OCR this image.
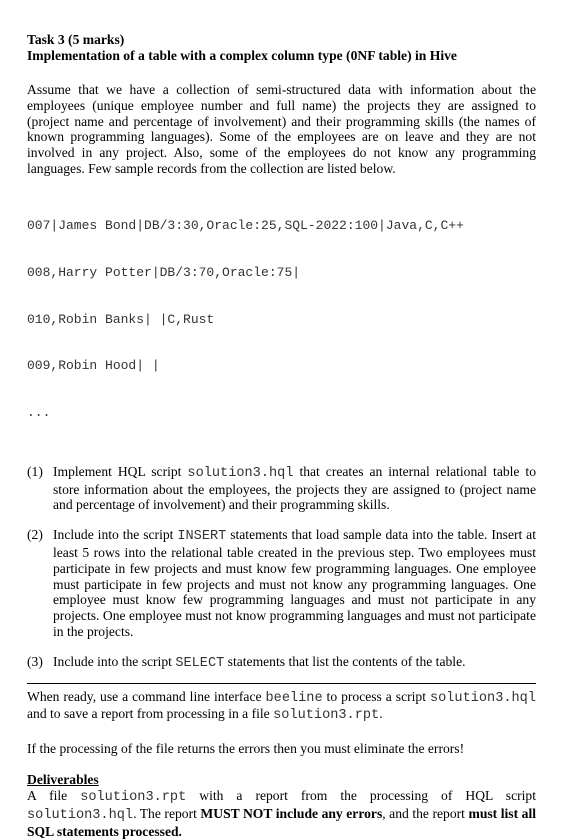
Task 3 (5 marks)
Implementation of a table with a complex column type (0NF table) in Hive

Assume that we have a collection of semi-structured data with information about the employees (unique employee number and full name) the projects they are assigned to (project name and percentage of involvement) and their programming skills (the names of known programming languages). Some of the employees are on leave and they are not involved in any project. Also, some of the employees do not know any programming languages. Few sample records from the collection are listed below.

007|James Bond|DB/3:30,Oracle:25,SQL-2022:100|Java,C,C++

008,Harry Potter|DB/3:70,Oracle:75|

010,Robin Banks| |C,Rust

009,Robin Hood| |

...

(1) Implement HQL script solution3.hql that creates an internal relational table to store information about the employees, the projects they are assigned to (project name and percentage of involvement) and their programming skills.
(2) Include into the script INSERT statements that load sample data into the table. Insert at least 5 rows into the relational table created in the previous step. Two employees must participate in few projects and must know few programming languages. One employee must participate in few projects and must not know any programming languages. One employee must know few programming languages and must not participate in any projects. One employee must not know programming languages and must not participate in the projects.
(3) Include into the script SELECT statements that list the contents of the table.

When ready, use a command line interface beeline to process a script solution3.hql and to save a report from processing in a file solution3.rpt.

If the processing of the file returns the errors then you must eliminate the errors!

Deliverables

A file solution3.rpt with a report from the processing of HQL script solution3.hql. The report MUST NOT include any errors, and the report must list all SQL statements processed.
